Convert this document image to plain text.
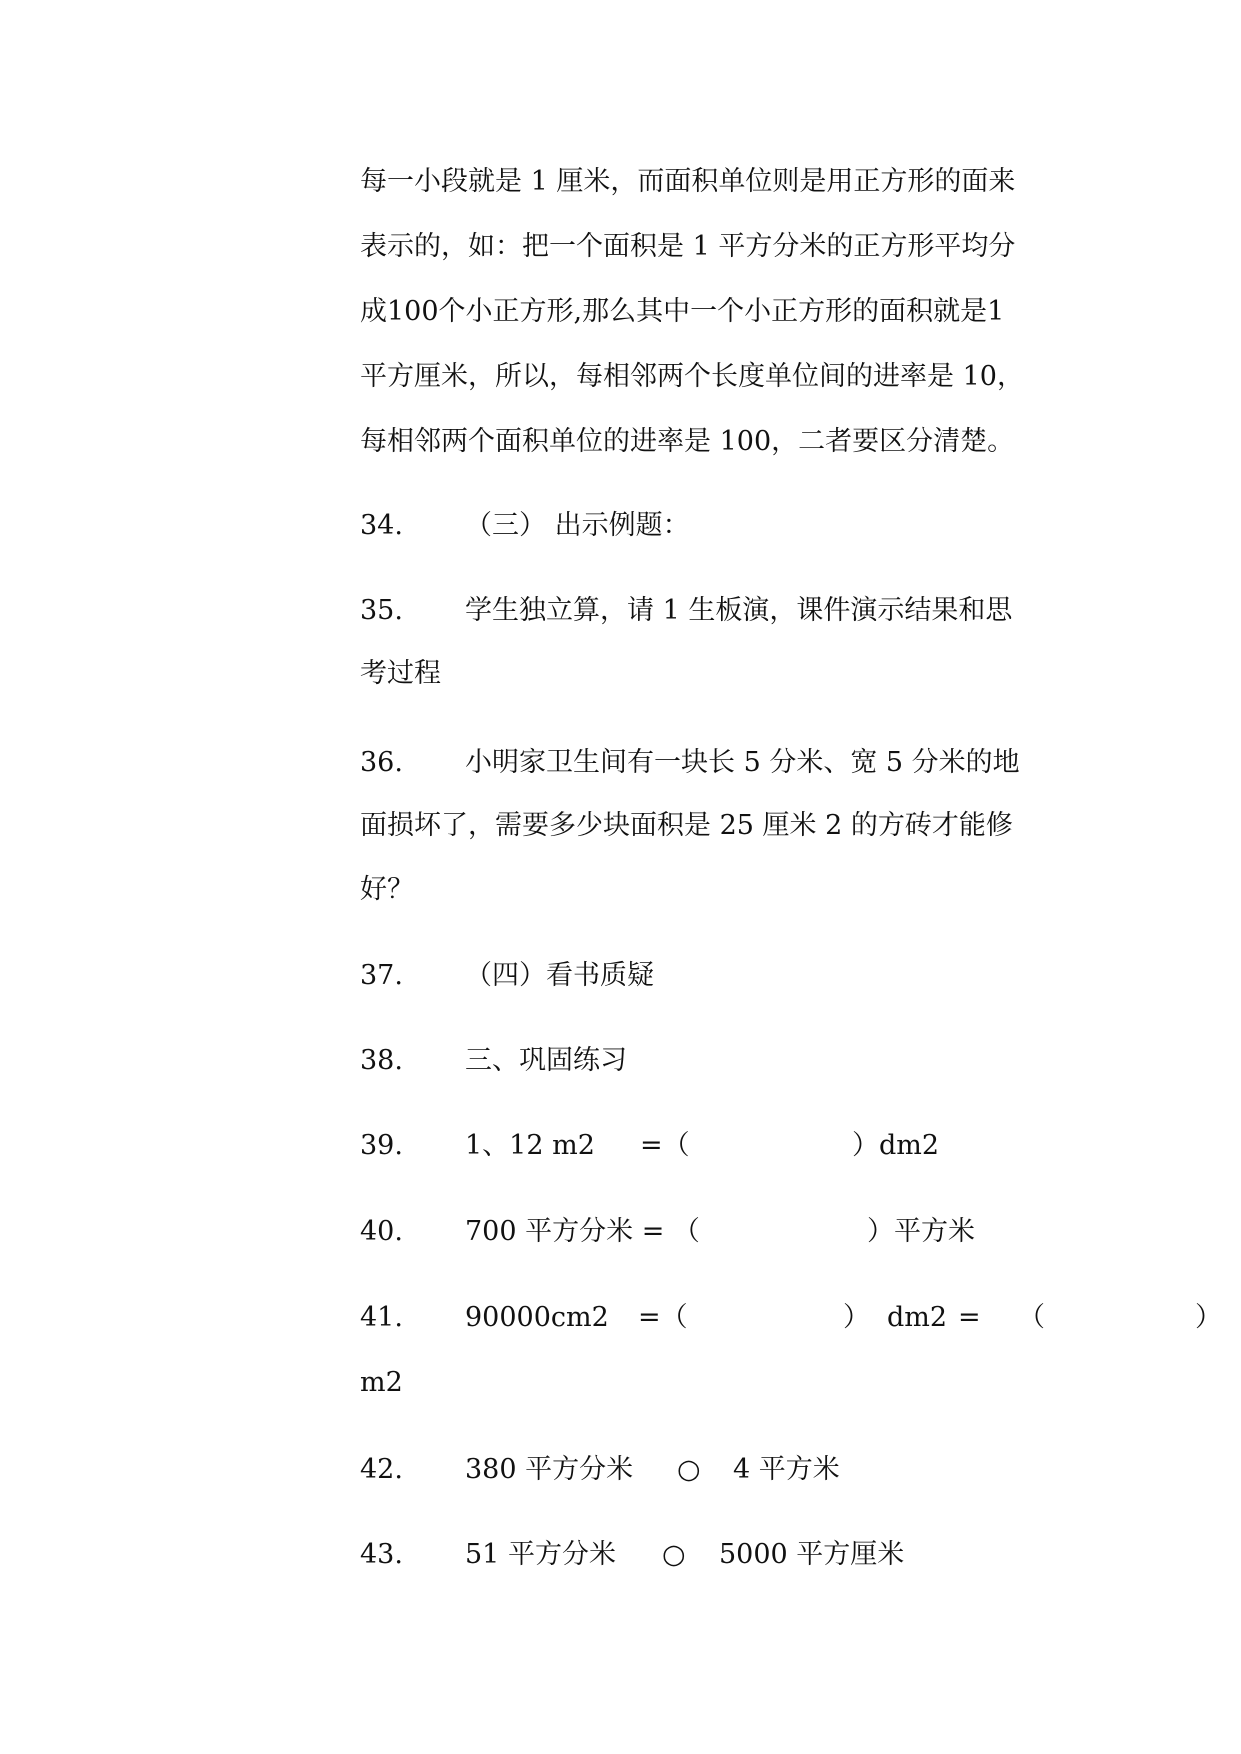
每一小段就是 1 厘米，而面积单位则是用正方形的面来
表示的，如：把一个面积是 1 平方分米的正方形平均分
成100个小正方形,那么其中一个小正方形的面积就是1
平方厘米，所以，每相邻两个长度单位间的进率是 10，
每相邻两个面积单位的进率是 100，二者要区分清楚。
34. （三） 出示例题：
35. 学生独立算，请 1 生板演，课件演示结果和思
考过程
36. 小明家卫生间有一块长 5 分米、宽 5 分米的地
面损坏了，需要多少块面积是 25 厘米 2 的方砖才能修
好？
37. （四）看书质疑
38. 三、巩固练习
39. 1、12 m2 =（	）dm2
40. 700 平方分米 = （	）平方米
41. 90000cm2 =（	） dm2 = （	）
m2
42. 380 平方分米 ○ 4 平方米
43. 51 平方分米 ○ 5000 平方厘米
